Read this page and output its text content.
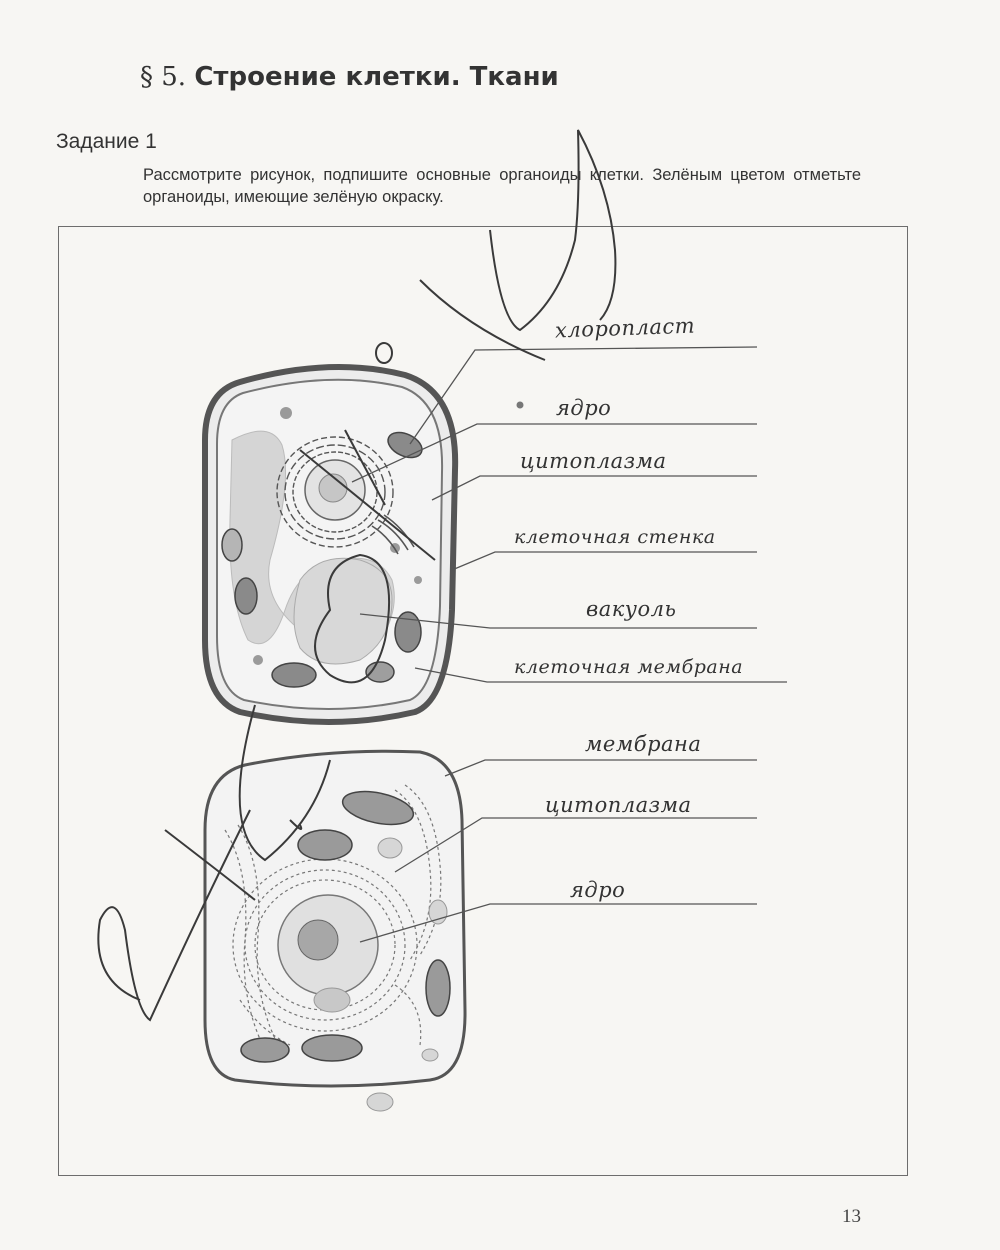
§ 5. Строение клетки. Ткани
Задание 1
Рассмотрите рисунок, подпишите основные органоиды клетки. Зелёным цветом отметьте органоиды, имеющие зелёную окраску.
хлоропласт
ядро
цитоплазма
клеточная стенка
вакуоль
клеточная мембрана
мембрана
цитоплазма
ядро
13
